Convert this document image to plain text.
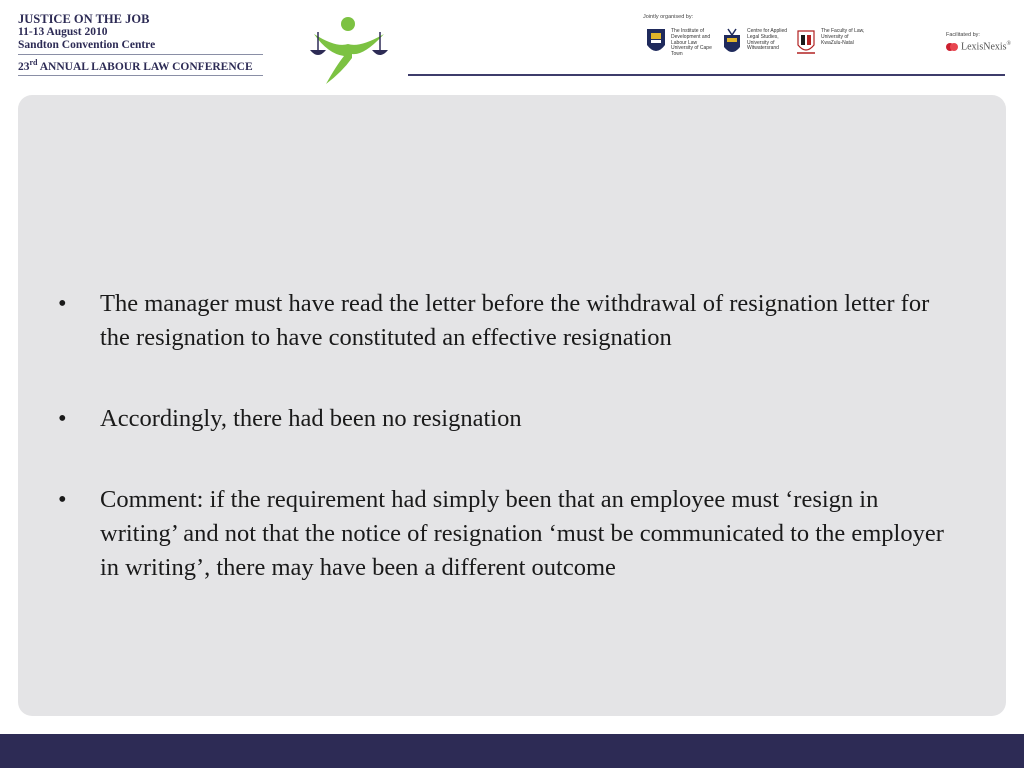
JUSTICE ON THE JOB
11-13 August 2010
Sandton Convention Centre
23rd ANNUAL LABOUR LAW CONFERENCE
Jointly organised by:
The Institute of Development and Labour Law University of Cape Town
Centre for Applied Legal Studies, University of Witwatersrand
The Faculty of Law, University of KwaZulu-Natal
Facilitated by:
LexisNexis®
• The manager must have read the letter before the withdrawal of resignation letter for the resignation to have constituted an effective resignation
• Accordingly, there had been no resignation
• Comment: if the requirement had simply been that an employee must ‘resign in writing’ and not that the notice of resignation ‘must be communicated to the employer in writing’, there may have been a different outcome
